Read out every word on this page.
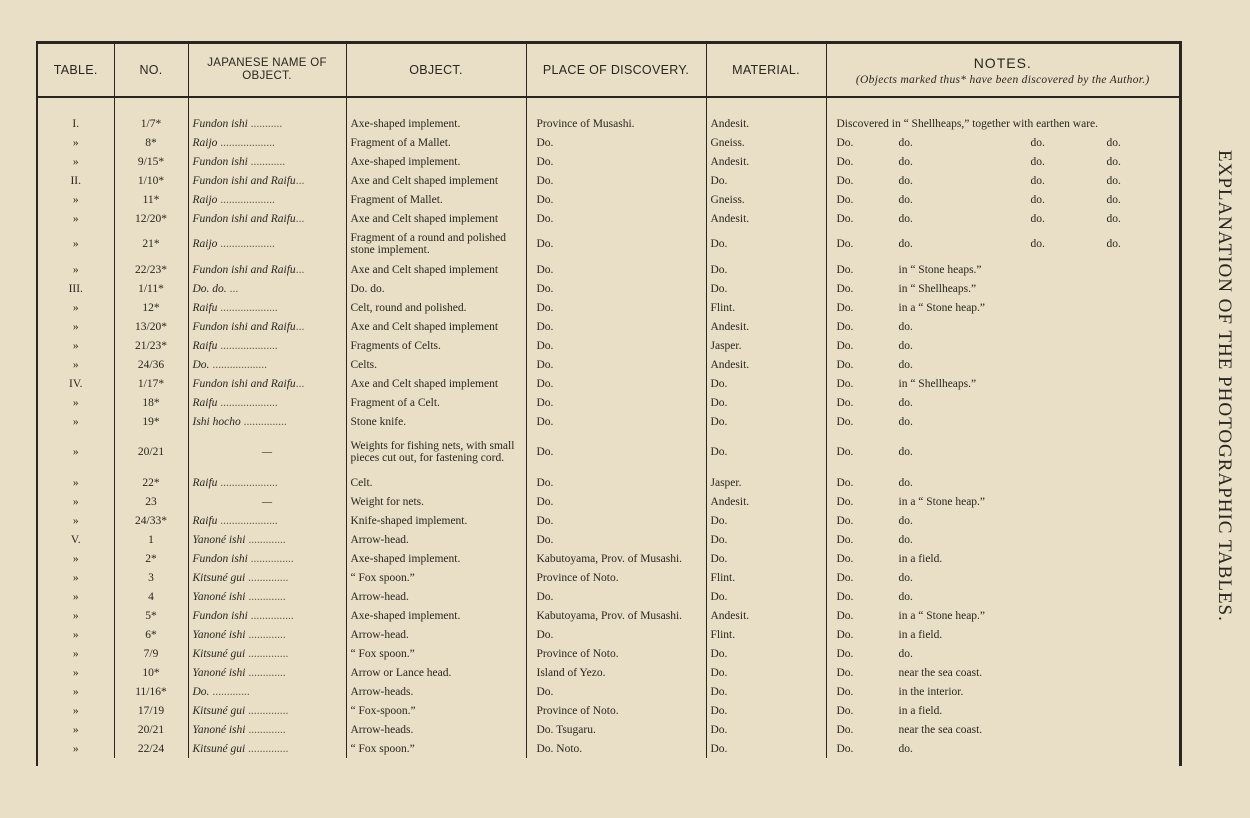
TABLE.	NO.	JAPANESE NAME OF OBJECT.	OBJECT.	PLACE OF DISCOVERY.	MATERIAL.	NOTES.
(Objects marked thus* have been discovered by the Author.)

I.	1/7*	Fundon ishi ...........	Axe-shaped implement.	Province of Musashi.	Andesit.	Discovered in “ Shellheaps,” together with earthen ware.
»	8*	Raijo ...................	Fragment of a Mallet.	Do.	Gneiss.	Do. do. do. do.
»	9/15*	Fundon ishi ............	Axe-shaped implement.	Do.	Andesit.	Do. do. do. do.
II.	1/10*	Fundon ishi and Raifu...	Axe and Celt shaped implement	Do.	Do.	Do. do. do. do.
»	11*	Raijo ...................	Fragment of Mallet.	Do.	Gneiss.	Do. do. do. do.
»	12/20*	Fundon ishi and Raifu...	Axe and Celt shaped implement	Do.	Andesit.	Do. do. do. do.
»	21*	Raijo ...................	Fragment of a round and polished stone implement.	Do.	Do.	Do. do. do. do.
»	22/23*	Fundon ishi and Raifu...	Axe and Celt shaped implement	Do.	Do.	Do. in “ Stone heaps.”
III.	1/11*	Do. do. ...	Do. do.	Do.	Do.	Do. in “ Shellheaps.”
»	12*	Raifu ....................	Celt, round and polished.	Do.	Flint.	Do. in a “ Stone heap.”
»	13/20*	Fundon ishi and Raifu...	Axe and Celt shaped implement	Do.	Andesit.	Do. do.
»	21/23*	Raifu ....................	Fragments of Celts.	Do.	Jasper.	Do. do.
»	24/36	Do. ...................	Celts.	Do.	Andesit.	Do. do.
IV.	1/17*	Fundon ishi and Raifu...	Axe and Celt shaped implement	Do.	Do.	Do. in “ Shellheaps.”
»	18*	Raifu ....................	Fragment of a Celt.	Do.	Do.	Do. do.
»	19*	Ishi hocho ...............	Stone knife.	Do.	Do.	Do. do.
»	20/21	—	Weights for fishing nets, with small pieces cut out, for fastening cord.	Do.	Do.	Do. do.
»	22*	Raifu ....................	Celt.	Do.	Jasper.	Do. do.
»	23	—	Weight for nets.	Do.	Andesit.	Do. in a “ Stone heap.”
»	24/33*	Raifu ....................	Knife-shaped implement.	Do.	Do.	Do. do.
V.	1	Yanoné ishi .............	Arrow-head.	Do.	Do.	Do. do.
»	2*	Fundon ishi ...............	Axe-shaped implement.	Kabutoyama, Prov. of Musashi.	Do.	Do. in a field.
»	3	Kitsuné gui ..............	“ Fox spoon.”	Province of Noto.	Flint.	Do. do.
»	4	Yanoné ishi .............	Arrow-head.	Do.	Do.	Do. do.
»	5*	Fundon ishi ...............	Axe-shaped implement.	Kabutoyama, Prov. of Musashi.	Andesit.	Do. in a “ Stone heap.”
»	6*	Yanoné ishi .............	Arrow-head.	Do.	Flint.	Do. in a field.
»	7/9	Kitsuné gui ..............	“ Fox spoon.”	Province of Noto.	Do.	Do. do.
»	10*	Yanoné ishi .............	Arrow or Lance head.	Island of Yezo.	Do.	Do. near the sea coast.
»	11/16*	Do. .............	Arrow-heads.	Do.	Do.	Do. in the interior.
»	17/19	Kitsuné gui ..............	“ Fox-spoon.”	Province of Noto.	Do.	Do. in a field.
»	20/21	Yanoné ishi .............	Arrow-heads.	Do. Tsugaru.	Do.	Do. near the sea coast.
»	22/24	Kitsuné gui ..............	“ Fox spoon.”	Do. Noto.	Do.	Do. do.
EXPLANATION OF THE PHOTOGRAPHIC TABLES.
